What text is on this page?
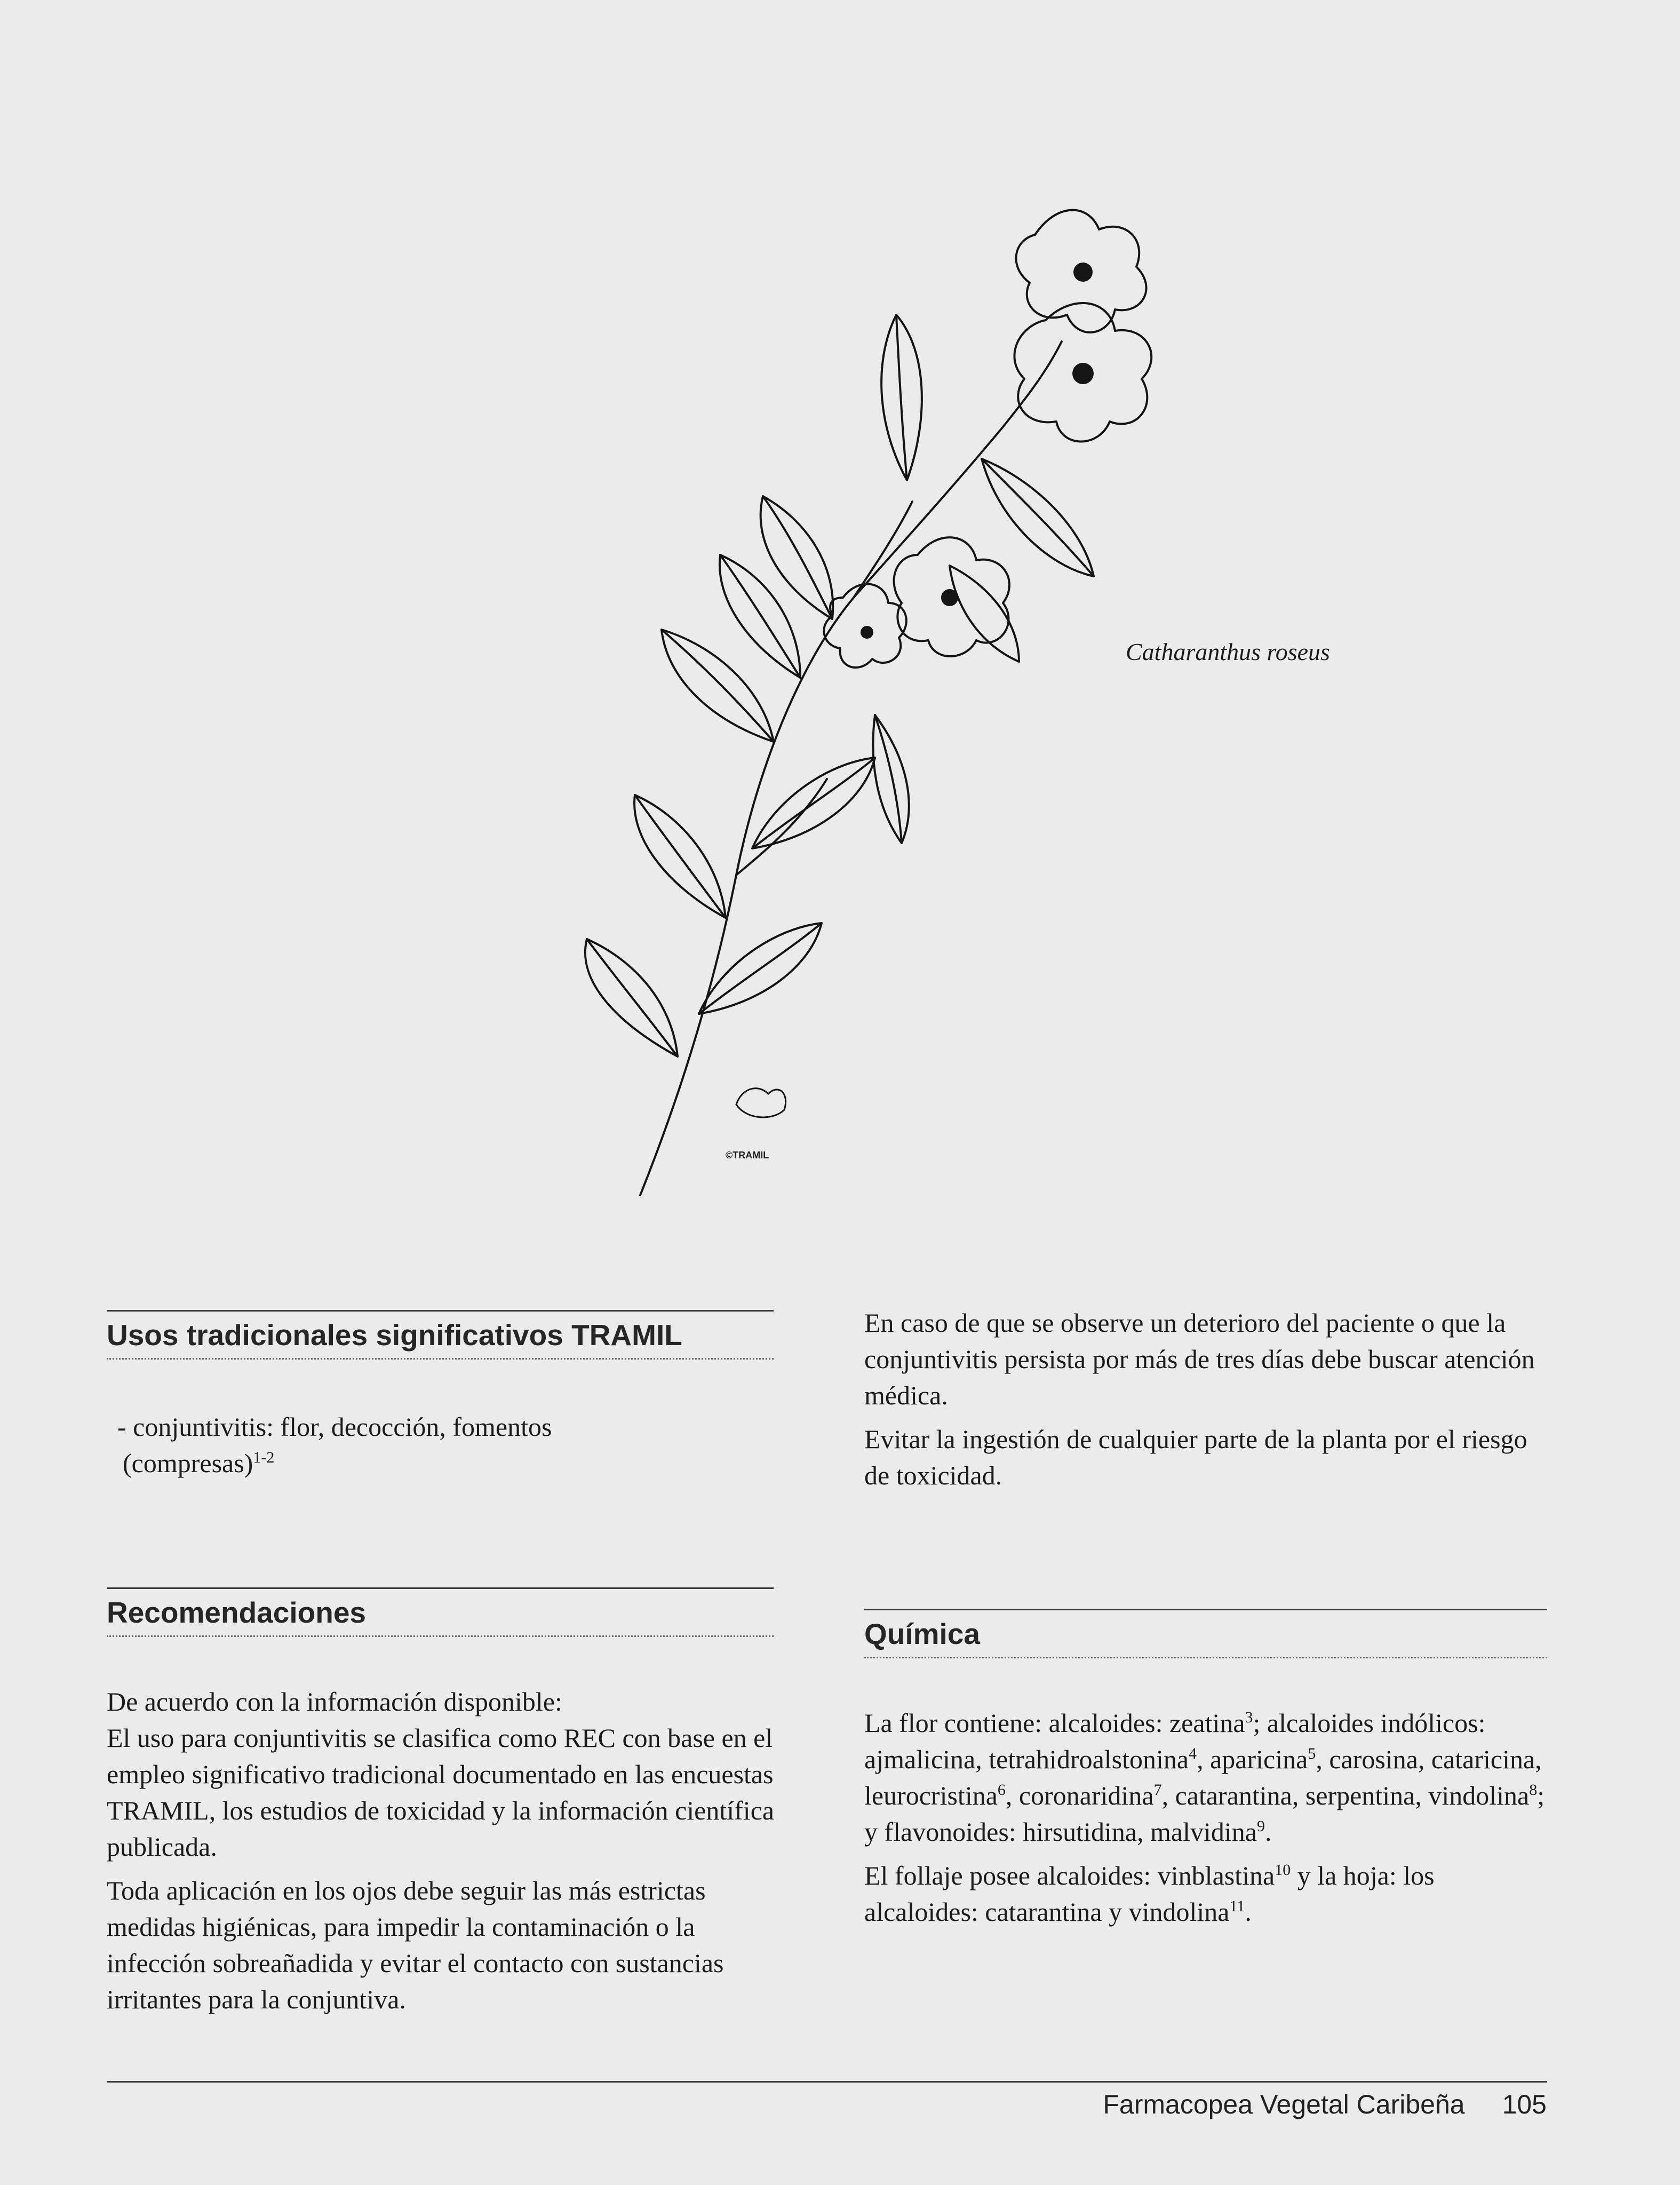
©TRAMIL
Catharanthus roseus
Usos tradicionales significativos TRAMIL
- conjuntivitis: flor, decocción, fomentos
(compresas)$^{1-2}$
Recomendaciones

De acuerdo con la información disponible:
El uso para conjuntivitis se clasifica como REC con base en el empleo significativo tradicional documentado en las encuestas TRAMIL, los estudios de toxicidad y la información científica publicada.

Toda aplicación en los ojos debe seguir las más estrictas medidas higiénicas, para impedir la contaminación o la infección sobreañadida y evitar el contacto con sustancias irritantes para la conjuntiva.

En caso de que se observe un deterioro del paciente o que la conjuntivitis persista por más de tres días debe buscar atención médica.

Evitar la ingestión de cualquier parte de la planta por el riesgo de toxicidad.

Química

La flor contiene: alcaloides: zeatina$^3$; alcaloides indólicos: ajmalicina, tetrahidroalstonina$^4$, aparicina$^5$, carosina, cataricina, leurocristina$^6$, coronaridina$^7$, catarantina, serpentina, vindolina$^8$; y flavonoides: hirsutidina, malvidina$^9$.

El follaje posee alcaloides: vinblastina$^{10}$ y la hoja: los alcaloides: catarantina y vindolina$^{11}$.

Farmacopea Vegetal Caribeña 105
